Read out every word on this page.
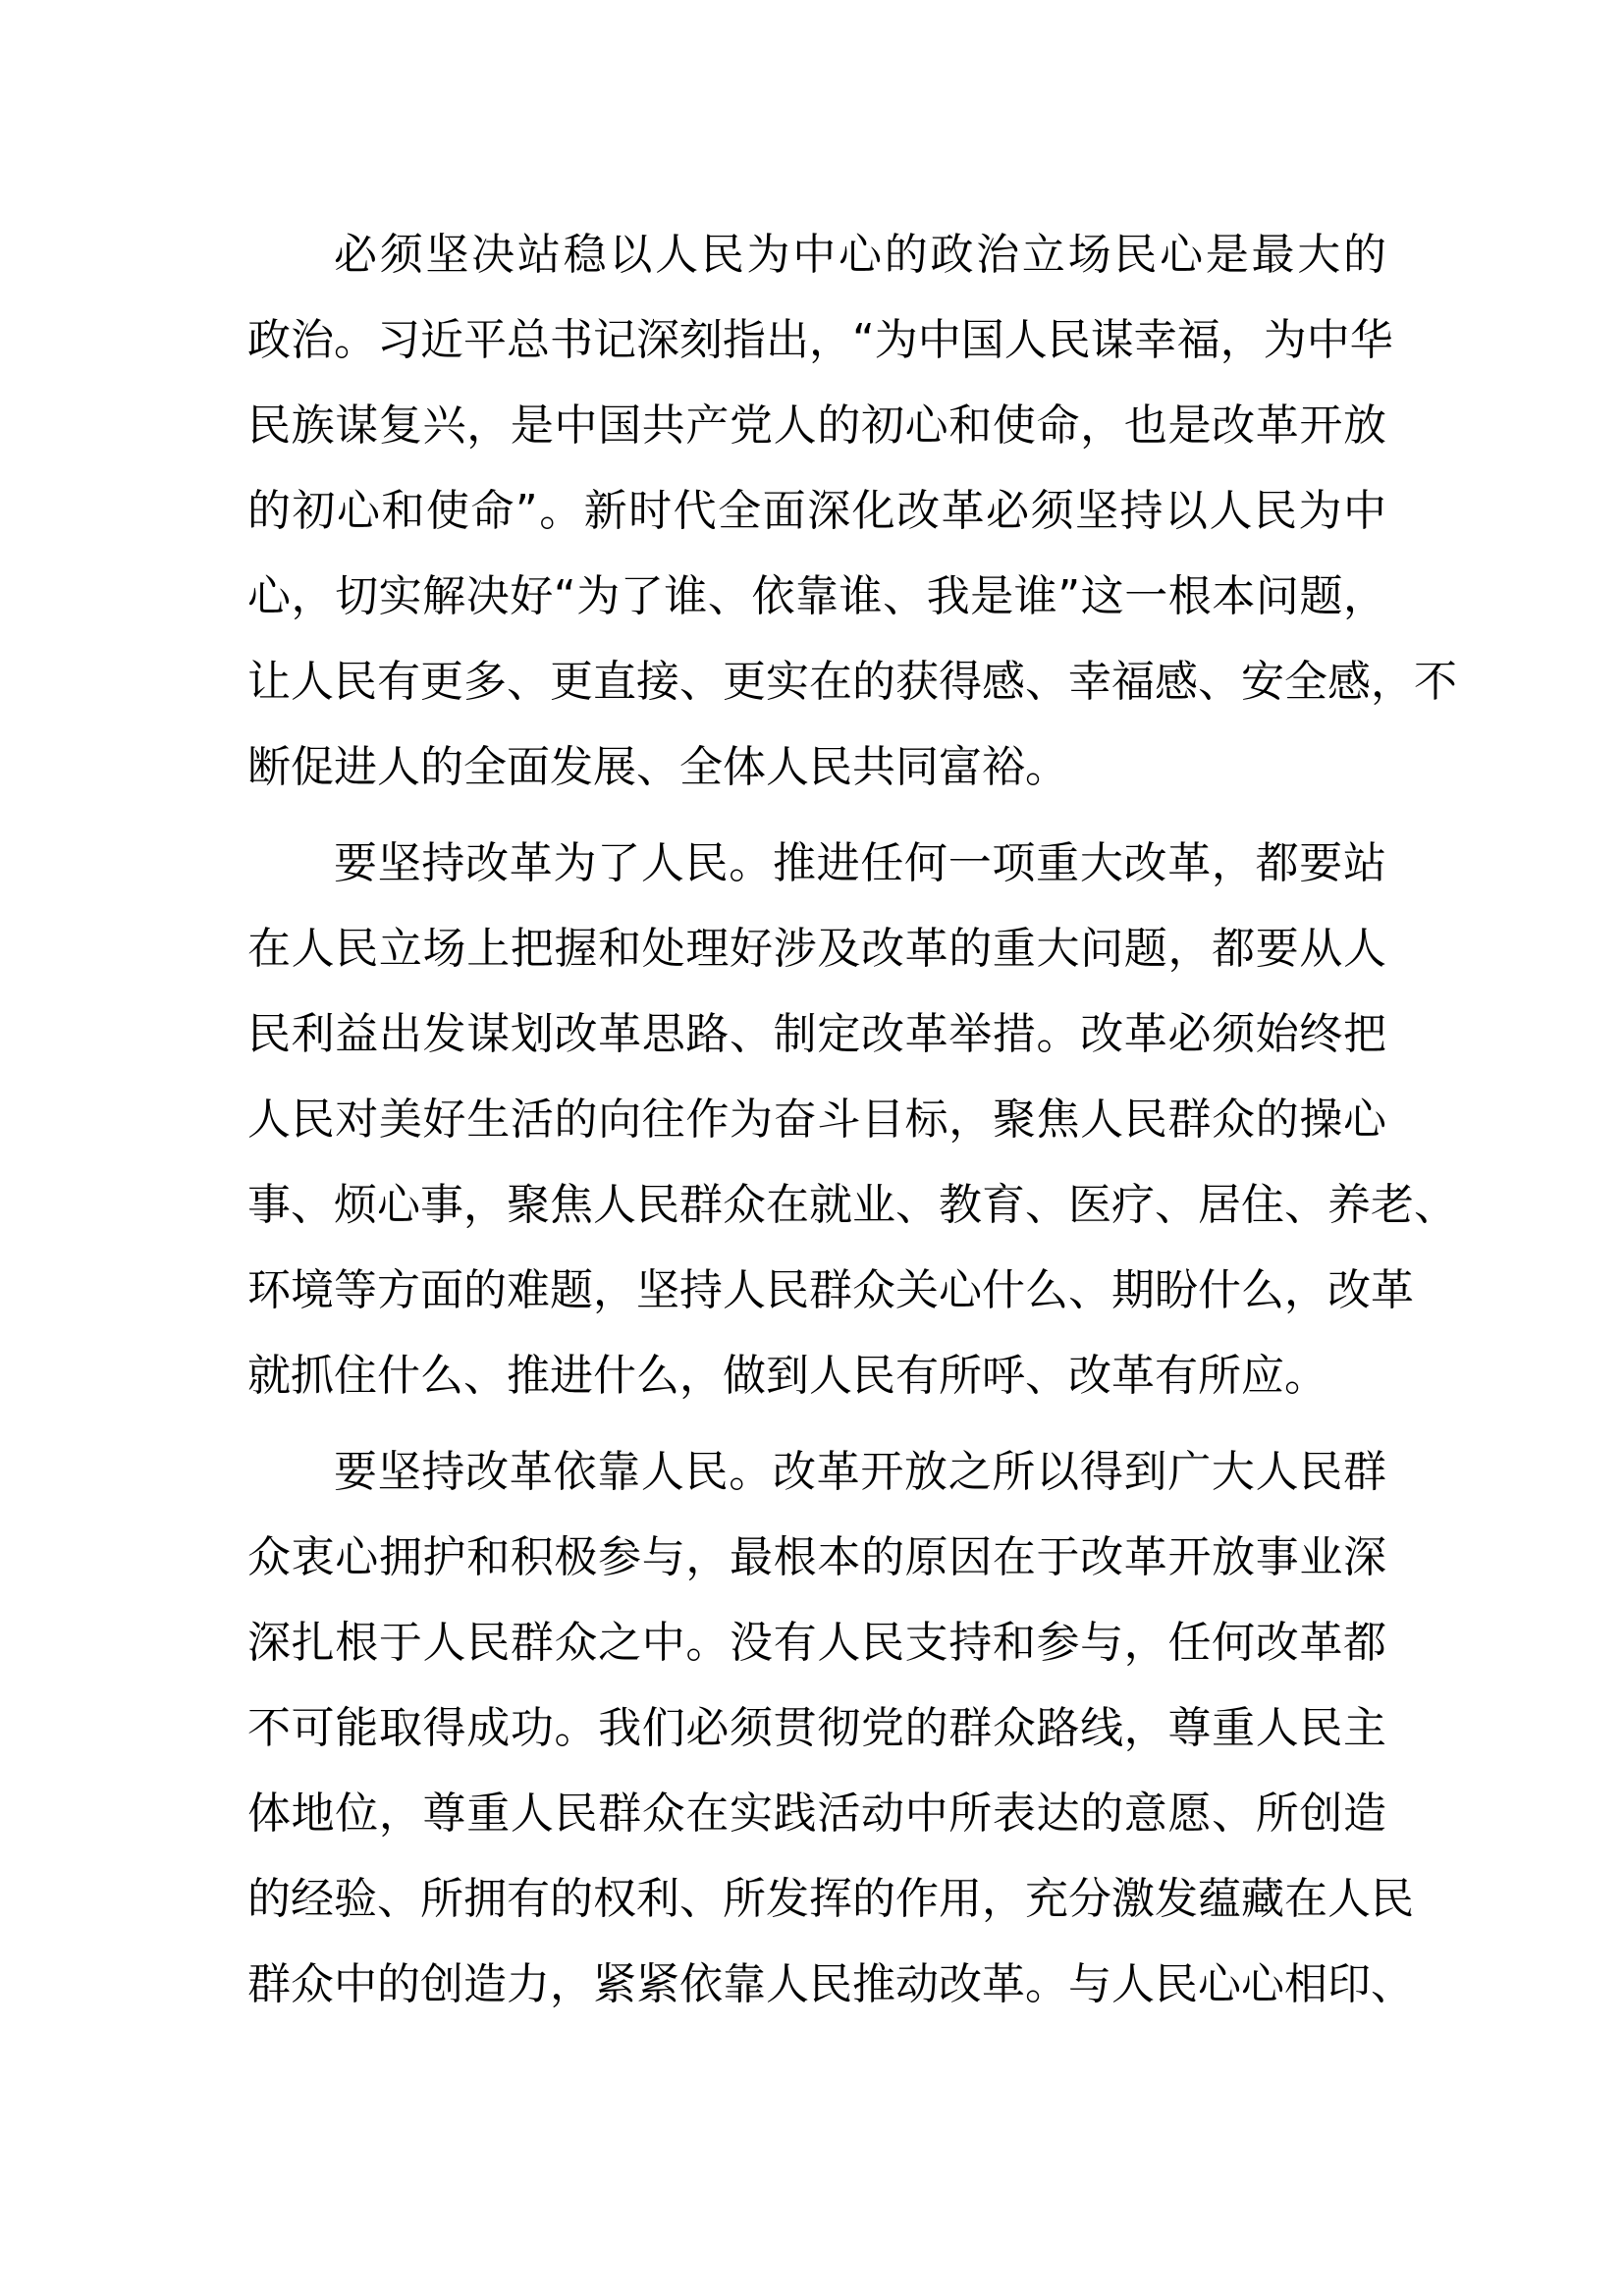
必须坚决站稳以人民为中心的政治立场民心是最大的
政治。习近平总书记深刻指出，“为中国人民谋幸福，为中华
民族谋复兴，是中国共产党人的初心和使命，也是改革开放
的初心和使命”。新时代全面深化改革必须坚持以人民为中
心，切实解决好“为了谁、依靠谁、我是谁”这一根本问题，
让人民有更多、更直接、更实在的获得感、幸福感、安全感，不
断促进人的全面发展、全体人民共同富裕。
要坚持改革为了人民。推进任何一项重大改革，都要站
在人民立场上把握和处理好涉及改革的重大问题，都要从人
民利益出发谋划改革思路、制定改革举措。改革必须始终把
人民对美好生活的向往作为奋斗目标，聚焦人民群众的操心
事、烦心事，聚焦人民群众在就业、教育、医疗、居住、养老、
环境等方面的难题，坚持人民群众关心什么、期盼什么，改革
就抓住什么、推进什么，做到人民有所呼、改革有所应。
要坚持改革依靠人民。改革开放之所以得到广大人民群
众衷心拥护和积极参与，最根本的原因在于改革开放事业深
深扎根于人民群众之中。没有人民支持和参与，任何改革都
不可能取得成功。我们必须贯彻党的群众路线，尊重人民主
体地位，尊重人民群众在实践活动中所表达的意愿、所创造
的经验、所拥有的权利、所发挥的作用，充分激发蕴藏在人民
群众中的创造力，紧紧依靠人民推动改革。与人民心心相印、
